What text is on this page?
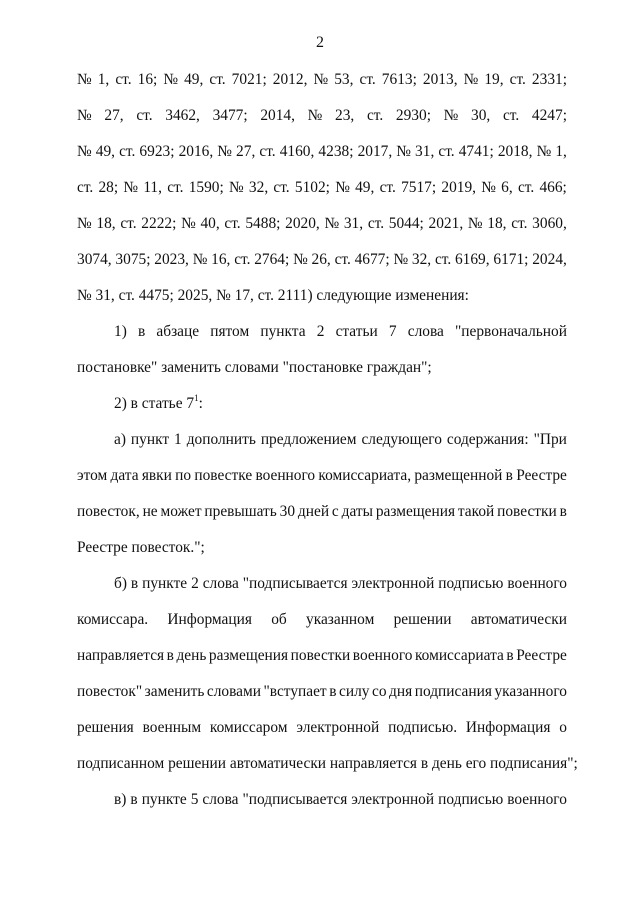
2
№ 1, ст. 16; № 49, ст. 7021; 2012, № 53, ст. 7613; 2013, № 19, ст. 2331;
№ 27, ст. 3462, 3477; 2014, № 23, ст. 2930; № 30, ст. 4247;
№ 49, ст. 6923; 2016, № 27, ст. 4160, 4238; 2017, № 31, ст. 4741; 2018, № 1,
ст. 28; № 11, ст. 1590; № 32, ст. 5102; № 49, ст. 7517; 2019, № 6, ст. 466;
№ 18, ст. 2222; № 40, ст. 5488; 2020, № 31, ст. 5044; 2021, № 18, ст. 3060,
3074, 3075; 2023, № 16, ст. 2764; № 26, ст. 4677; № 32, ст. 6169, 6171; 2024,
№ 31, ст. 4475; 2025, № 17, ст. 2111) следующие изменения:
1) в абзаце пятом пункта 2 статьи 7 слова "первоначальной
постановке" заменить словами "постановке граждан";
2) в статье $7^1$:
а) пункт 1 дополнить предложением следующего содержания: "При
этом дата явки по повестке военного комиссариата, размещенной в Реестре
повесток, не может превышать 30 дней с даты размещения такой повестки в
Реестре повесток.";
б) в пункте 2 слова "подписывается электронной подписью военного
комиссара. Информация об указанном решении автоматически
направляется в день размещения повестки военного комиссариата в Реестре
повесток" заменить словами "вступает в силу со дня подписания указанного
решения военным комиссаром электронной подписью. Информация о
подписанном решении автоматически направляется в день его подписания";
в) в пункте 5 слова "подписывается электронной подписью военного
